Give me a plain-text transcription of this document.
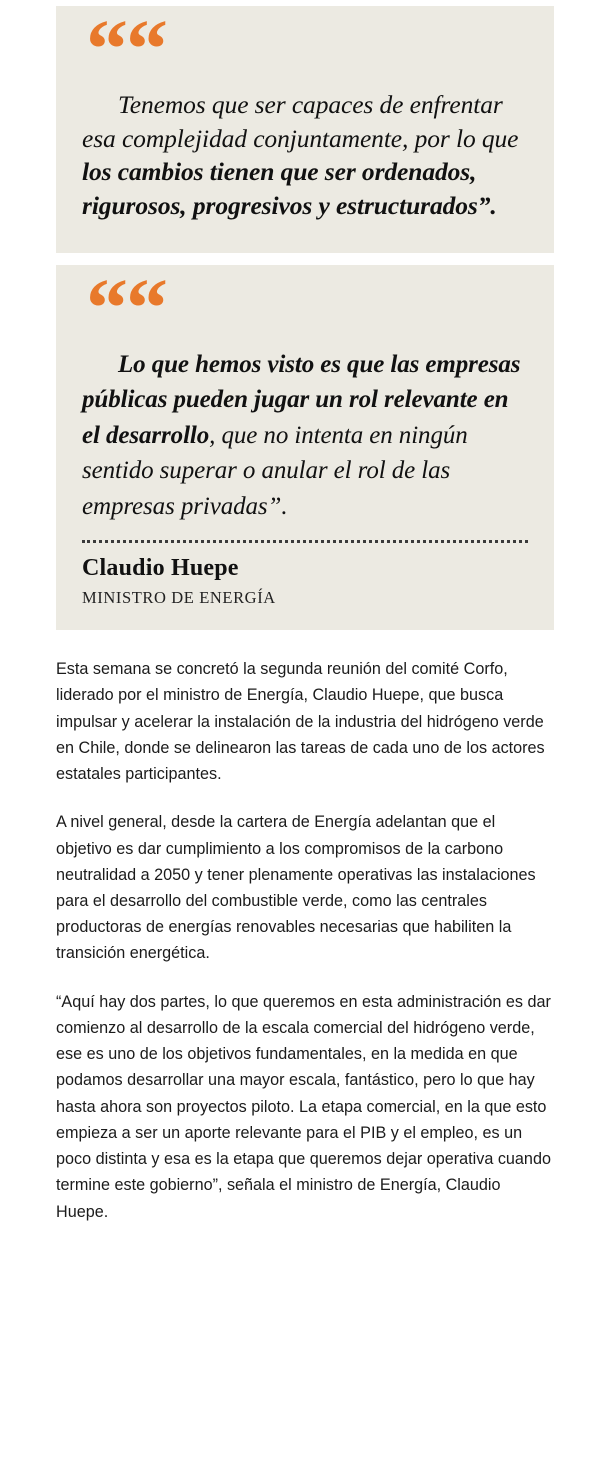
““

Tenemos que ser capaces de enfrentar esa complejidad conjuntamente, por lo que los cambios tienen que ser ordenados, rigurosos, progresivos y estructurados”.

““

Lo que hemos visto es que las empresas públicas pueden jugar un rol relevante en el desarrollo, que no intenta en ningún sentido superar o anular el rol de las empresas privadas”.

Claudio Huepe

MINISTRO DE ENERGÍA

Esta semana se concretó la segunda reunión del comité Corfo, liderado por el ministro de Energía, Claudio Huepe, que busca impulsar y acelerar la instalación de la industria del hidrógeno verde en Chile, donde se delinearon las tareas de cada uno de los actores estatales participantes.

A nivel general, desde la cartera de Energía adelantan que el objetivo es dar cumplimiento a los compromisos de la carbono neutralidad a 2050 y tener plenamente operativas las instalaciones para el desarrollo del combustible verde, como las centrales productoras de energías renovables necesarias que habiliten la transición energética.

“Aquí hay dos partes, lo que queremos en esta administración es dar comienzo al desarrollo de la escala comercial del hidrógeno verde, ese es uno de los objetivos fundamentales, en la medida en que podamos desarrollar una mayor escala, fantástico, pero lo que hay hasta ahora son proyectos piloto. La etapa comercial, en la que esto empieza a ser un aporte relevante para el PIB y el empleo, es un poco distinta y esa es la etapa que queremos dejar operativa cuando termine este gobierno”, señala el ministro de Energía, Claudio Huepe.
